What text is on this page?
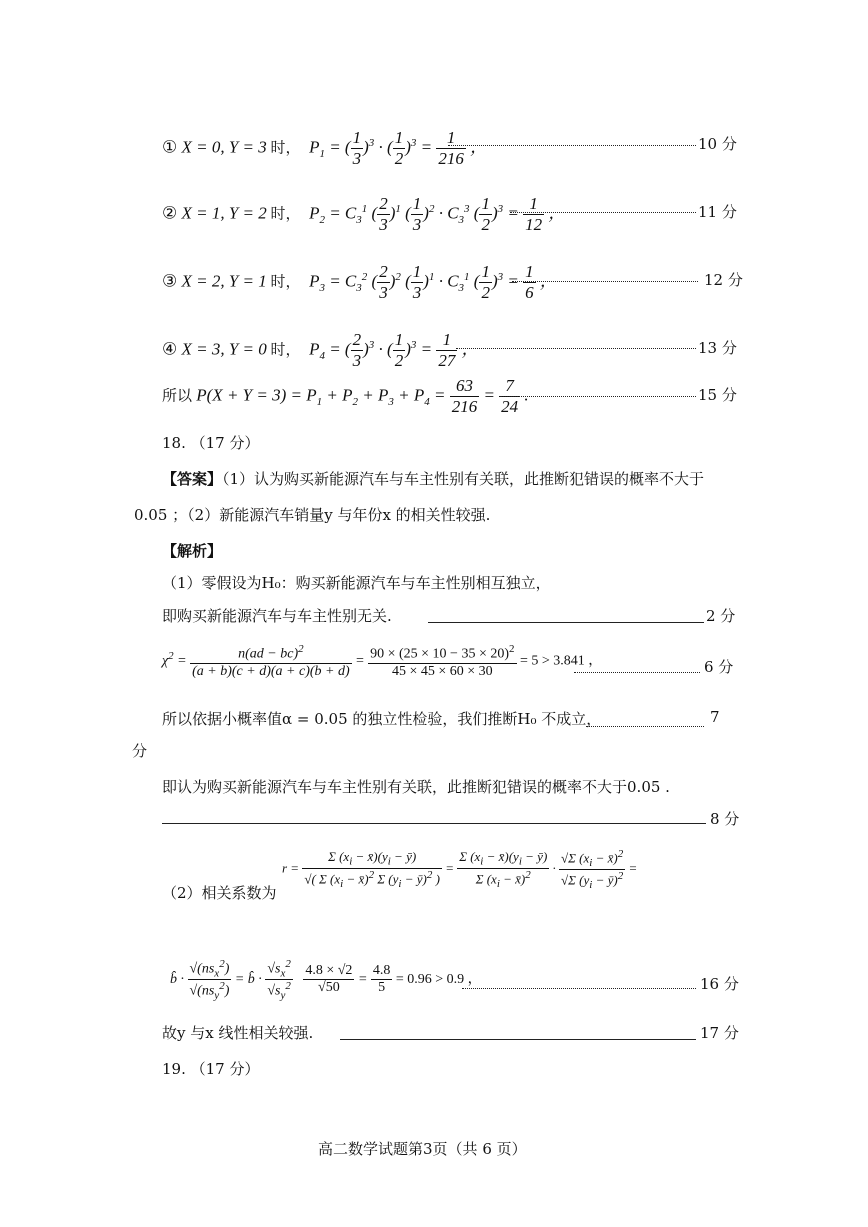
① X = 0, Y = 3 时， $P_1$ = ( $\frac{1}{3} )^3$ · ( $\frac{1}{2} )^3 = \frac{1}{216}$ ，	10 分
② X = 1, Y = 2 时， $P_2 = C_3^1$ ( $\frac{2}{3} )^1$ ( $\frac{1}{3} )^2 \cdot C_3^3$ ( $\frac{1}{2} )^3 = \frac{1}{12}$ ，	11 分
③ X = 2, Y = 1 时， $P_3 = C_3^2$ ( $\frac{2}{3} )^2$ ( $\frac{1}{3} )^1 \cdot C_3^1$ ( $\frac{1}{2} )^3 = \frac{1}{6}$ ，	12 分
④ X = 3, Y = 0 时， $P_4$ = ( $\frac{2}{3} )^3$ · ( $\frac{1}{2} )^3 = \frac{1}{27}$ ，	13 分
所以 $P(X + Y = 3) = P_1 + P_2 + P_3 + P_4 = \frac{63}{216} = \frac{7}{24}$ .	15 分
18. （17 分）
【答案】（1）认为购买新能源汽车与车主性别有关联，此推断犯错误的概率不大于
0.05 ；（2）新能源汽车销量y 与年份x 的相关性较强.
【解析】
（1）零假设为H₀：购买新能源汽车与车主性别相互独立，
即购买新能源汽车与车主性别无关.	2 分
$\chi^2 = \frac{n(ad - bc)^2}{(a + b)(c + d)(a + c)(b + d)} = \frac{90 \times (25 \times 10 - 35 \times 20)^2}{45 \times 45 \times 60 \times 30} = 5 > 3.841$ ，	6 分
所以依据小概率值α = 0.05 的独立性检验，我们推断H₀ 不成立，	7
分
即认为购买新能源汽车与车主性别有关联，此推断犯错误的概率不大于0.05 .
8 分
（2）相关系数为
$r = \frac{\Sigma (x_i - x̄)(y_i - ȳ)}{√( \Sigma (x_i - x̄)^2 \Sigma (y_i - ȳ)^2 )} = \frac{\Sigma (x_i - x̄)(y_i - ȳ)}{\Sigma (x_i - x̄)^2} \cdot \frac{√\Sigma (x_i - x̄)^2}{√\Sigma (y_i - ȳ)^2}$ =
b̂ · $\frac{√(ns_x^2)}{√(ns_y^2)}$ = b̂ · $\frac{√s_x^2}{√s_y^2}$
$\frac{4.8 \times √2}{√50} = \frac{4.8}{5} = 0.96 > 0.9$ ，	16 分
故y 与x 线性相关较强.	17 分
19. （17 分）
高二数学试题第3页（共 6 页）
